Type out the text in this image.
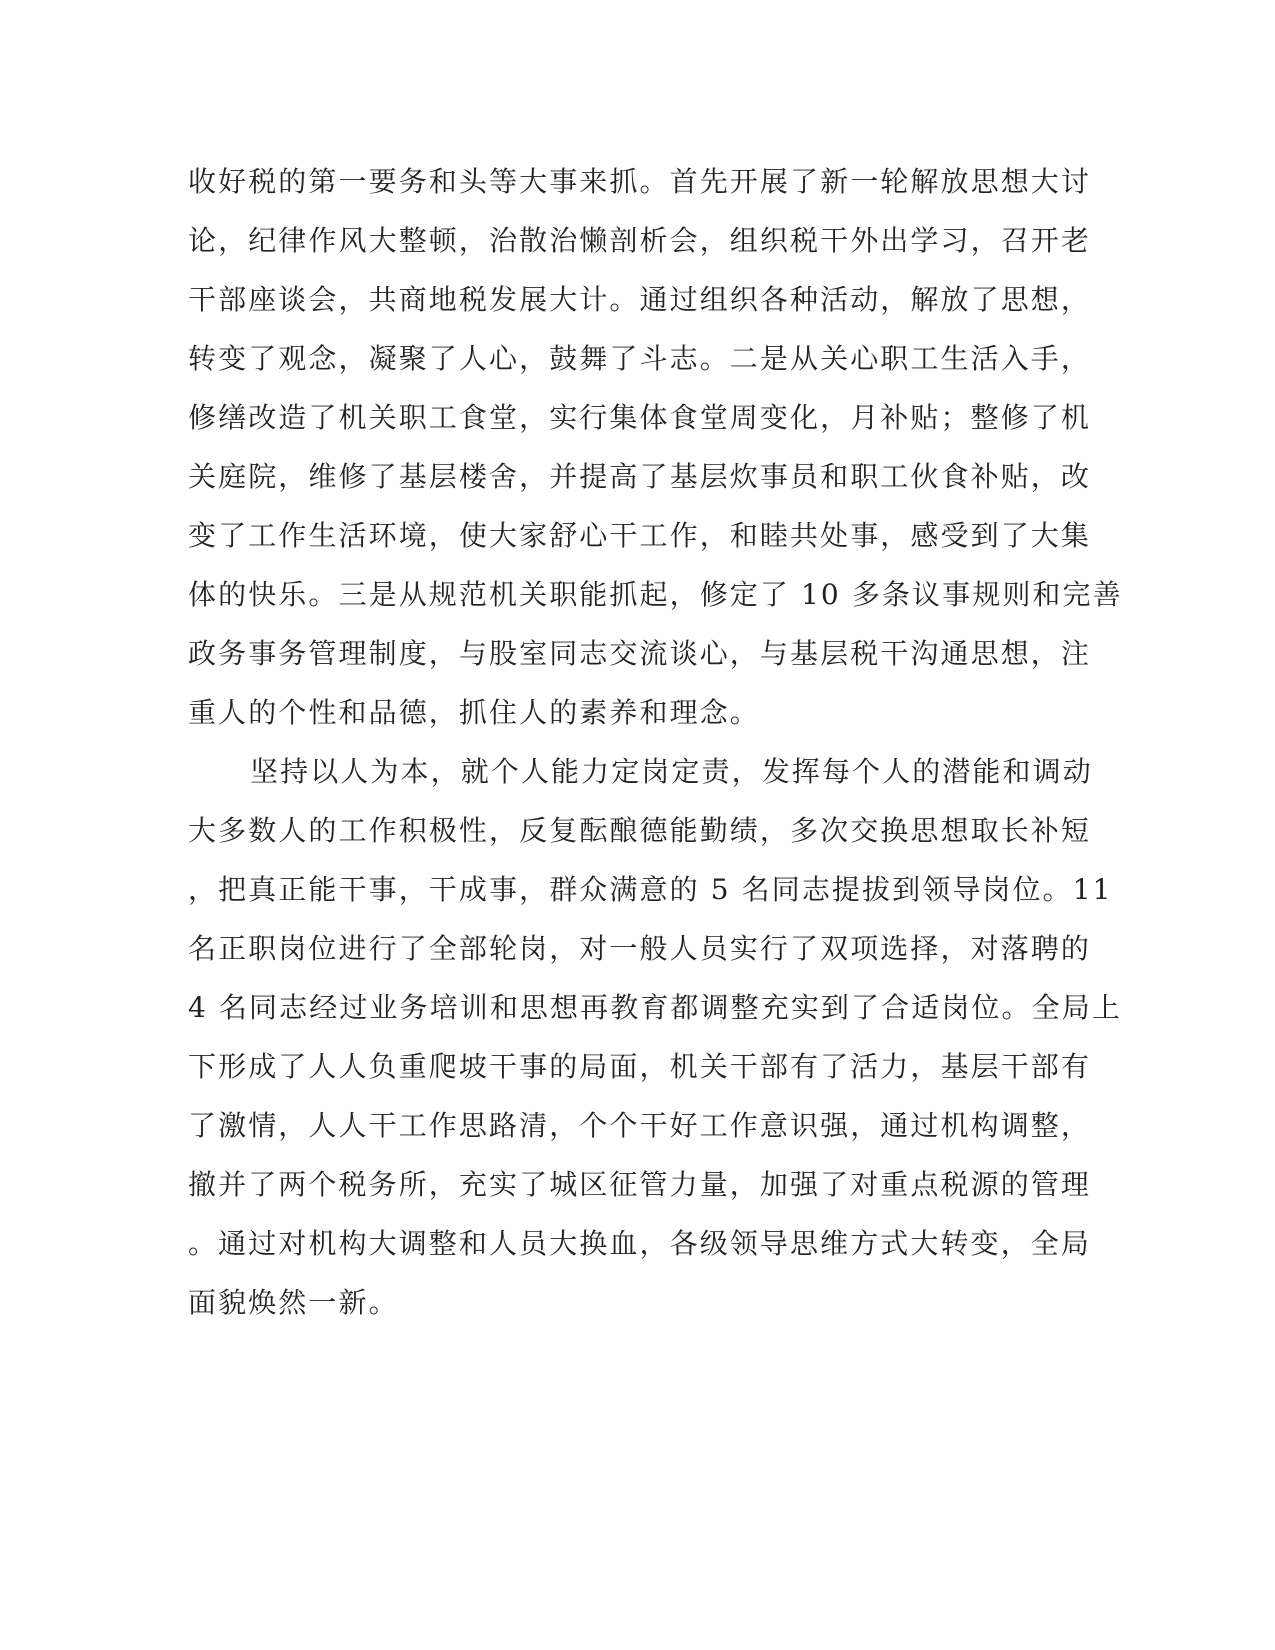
收好税的第一要务和头等大事来抓。首先开展了新一轮解放思想大讨
论，纪律作风大整顿，治散治懒剖析会，组织税干外出学习，召开老
干部座谈会，共商地税发展大计。通过组织各种活动，解放了思想，
转变了观念，凝聚了人心，鼓舞了斗志。二是从关心职工生活入手，
修缮改造了机关职工食堂，实行集体食堂周变化，月补贴；整修了机
关庭院，维修了基层楼舍，并提高了基层炊事员和职工伙食补贴，改
变了工作生活环境，使大家舒心干工作，和睦共处事，感受到了大集
体的快乐。三是从规范机关职能抓起，修定了 10 多条议事规则和完善
政务事务管理制度，与股室同志交流谈心，与基层税干沟通思想，注
重人的个性和品德，抓住人的素养和理念。
坚持以人为本，就个人能力定岗定责，发挥每个人的潜能和调动
大多数人的工作积极性，反复酝酿德能勤绩，多次交换思想取长补短
，把真正能干事，干成事，群众满意的 5 名同志提拔到领导岗位。11
名正职岗位进行了全部轮岗，对一般人员实行了双项选择，对落聘的
4 名同志经过业务培训和思想再教育都调整充实到了合适岗位。全局上
下形成了人人负重爬坡干事的局面，机关干部有了活力，基层干部有
了激情，人人干工作思路清，个个干好工作意识强，通过机构调整，
撤并了两个税务所，充实了城区征管力量，加强了对重点税源的管理
。通过对机构大调整和人员大换血，各级领导思维方式大转变，全局
面貌焕然一新。
